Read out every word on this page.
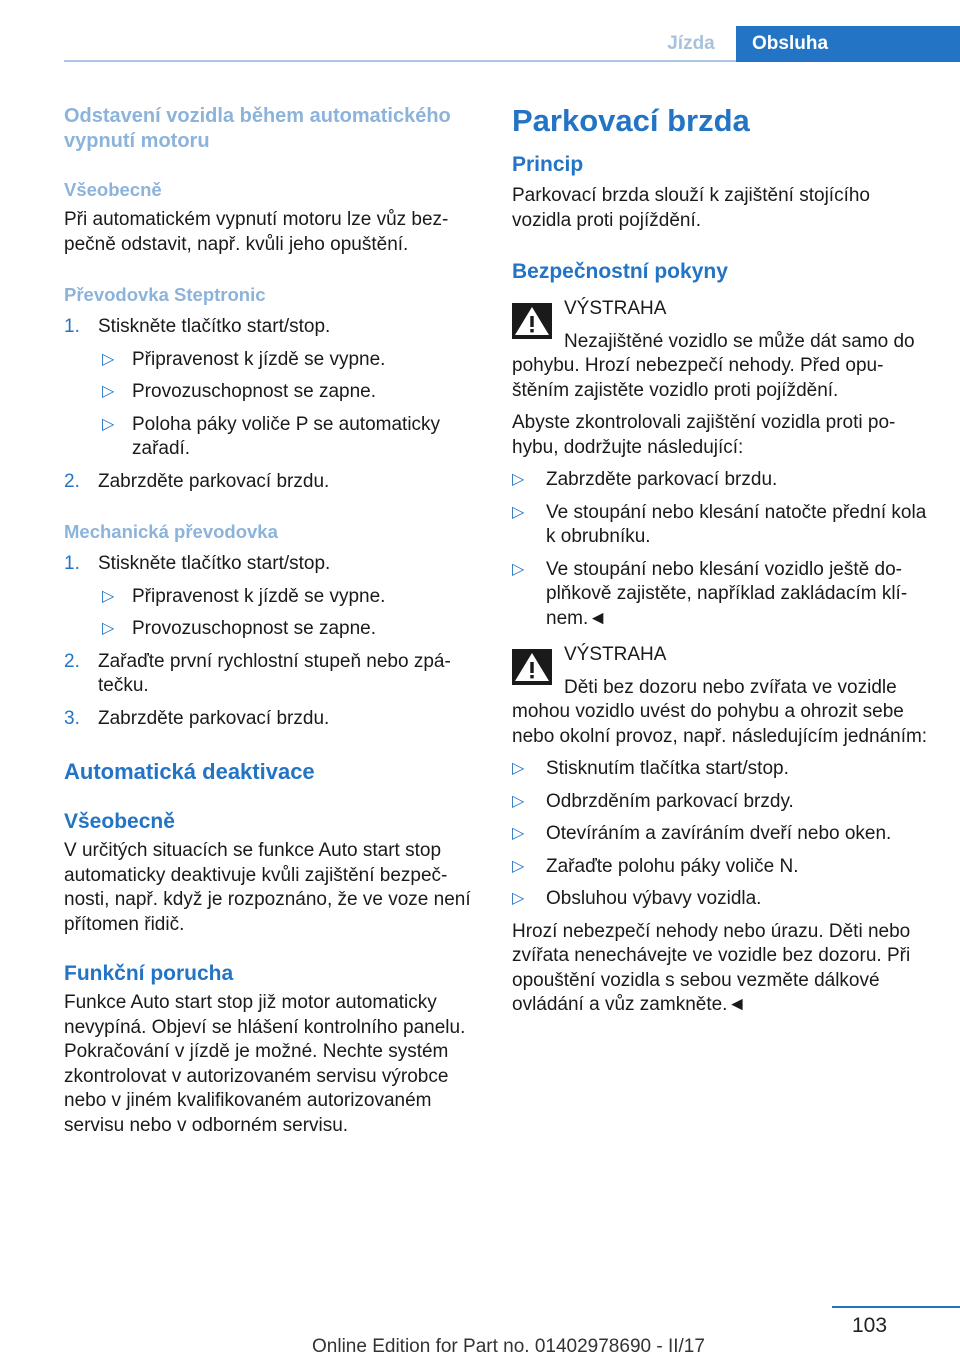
Jízda	Obsluha
Odstavení vozidla během automatického vypnutí motoru
Všeobecně

Při automatickém vypnutí motoru lze vůz bezpečně odstavit, např. kvůli jeho opuštění.

Převodovka Steptronic
1. Stiskněte tlačítko start/stop.
▷ Připravenost k jízdě se vypne.
▷ Provozuschopnost se zapne.
▷ Poloha páky voliče P se automaticky zařadí.
2. Zabrzděte parkovací brzdu.
Mechanická převodovka
1. Stiskněte tlačítko start/stop.
▷ Připravenost k jízdě se vypne.
▷ Provozuschopnost se zapne.
2. Zařaďte první rychlostní stupeň nebo zpátečku.
3. Zabrzděte parkovací brzdu.
Automatická deaktivace
Všeobecně

V určitých situacích se funkce Auto start stop automaticky deaktivuje kvůli zajištění bezpečnosti, např. když je rozpoznáno, že ve voze není přítomen řidič.

Funkční porucha

Funkce Auto start stop již motor automaticky nevypíná. Objeví se hlášení kontrolního panelu. Pokračování v jízdě je možné. Nechte systém zkontrolovat v autorizovaném servisu výrobce nebo v jiném kvalifikovaném autorizovaném servisu nebo v odborném servisu.

Parkovací brzda
Princip

Parkovací brzda slouží k zajištění stojícího vozidla proti pojíždění.

Bezpečnostní pokyny

VÝSTRAHA

Nezajištěné vozidlo se může dát samo do pohybu. Hrozí nebezpečí nehody. Před opuštěním zajistěte vozidlo proti pojíždění.

Abyste zkontrolovali zajištění vozidla proti pohybu, dodržujte následující:

▷ Zabrzděte parkovací brzdu.
▷ Ve stoupání nebo klesání natočte přední kola k obrubníku.
▷ Ve stoupání nebo klesání vozidlo ještě doplňkově zajistěte, například zakládacím klínem.◄

VÝSTRAHA

Děti bez dozoru nebo zvířata ve vozidle mohou vozidlo uvést do pohybu a ohrozit sebe nebo okolní provoz, např. následujícím jednáním:

▷ Stisknutím tlačítka start/stop.
▷ Odbrzděním parkovací brzdy.
▷ Otevíráním a zavíráním dveří nebo oken.
▷ Zařaďte polohu páky voliče N.
▷ Obsluhou výbavy vozidla.

Hrozí nebezpečí nehody nebo úrazu. Děti nebo zvířata nenechávejte ve vozidle bez dozoru. Při opouštění vozidla s sebou vezměte dálkové ovládání a vůz zamkněte.◄

103
Online Edition for Part no. 01402978690 - II/17
